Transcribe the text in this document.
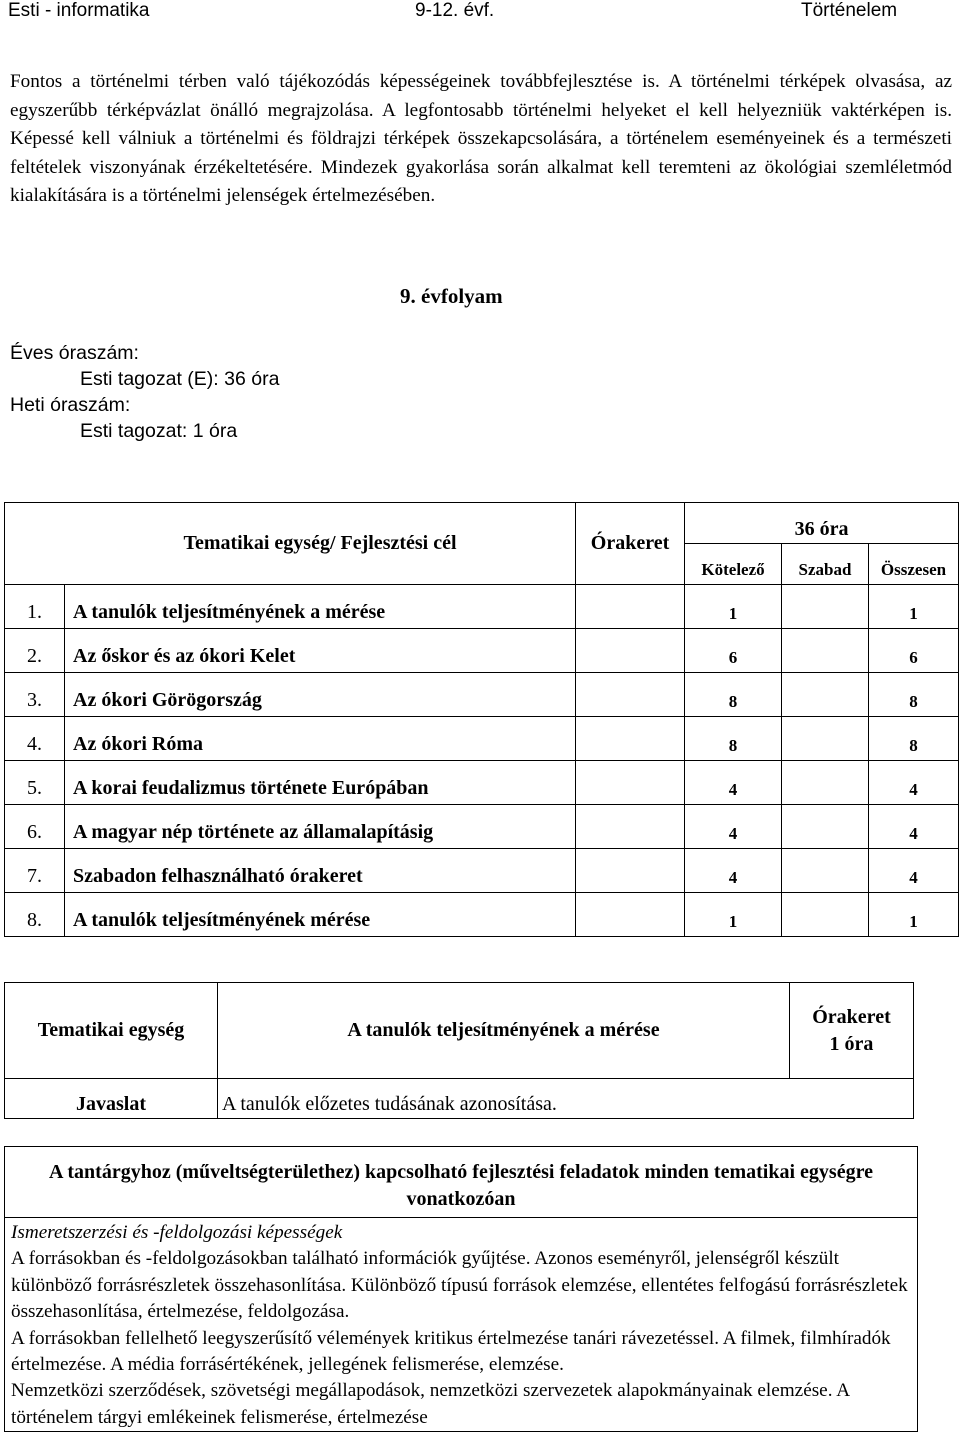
Esti - informatika	9-12. évf.	Történelem
Fontos a történelmi térben való tájékozódás képességeinek továbbfejlesztése is. A történelmi térképek olvasása, az egyszerűbb térképvázlat önálló megrajzolása. A legfontosabb történelmi helyeket el kell helyezniük vaktérképen is. Képessé kell válniuk a történelmi és földrajzi térképek összekapcsolására, a történelem eseményeinek és a természeti feltételek viszonyának érzékeltetésére. Mindezek gyakorlása során alkalmat kell teremteni az ökológiai szemléletmód kialakítására is a történelmi jelenségek értelmezésében.
9. évfolyam
Éves óraszám:
Esti tagozat (E): 36 óra
Heti óraszám:
Esti tagozat: 1 óra
Tematikai egység/ Fejlesztési cél		Órakeret	36 óra		
			Kötelező	Szabad	Összesen
1.	A tanulók teljesítményének a mérése		1		1
2.	Az őskor és az ókori Kelet		6		6
3.	Az ókori Görögország		8		8
4.	Az ókori Róma		8		8
5.	A korai feudalizmus története Európában		4		4
6.	A magyar nép története az államalapításig		4		4
7.	Szabadon felhasználható órakeret		4		4
8.	A tanulók teljesítményének mérése		1		1
Tematikai egység	A tanulók teljesítményének a mérése	Órakeret
1 óra

Javaslat	A tanulók előzetes tudásának azonosítása.	
A tantárgyhoz (műveltségterülethez) kapcsolható fejlesztési feladatok minden tematikai egységre vonatkozóan

Ismeretszerzési és -feldolgozási képességek

A forrásokban és -feldolgozásokban található információk gyűjtése. Azonos eseményről, jelenségről készült különböző forrásrészletek összehasonlítása. Különböző típusú források elemzése, ellentétes felfogású forrásrészletek összehasonlítása, értelmezése, feldolgozása.

A forrásokban fellelhető leegyszerűsítő vélemények kritikus értelmezése tanári rávezetéssel. A filmek, filmhíradók értelmezése. A média forrásértékének, jellegének felismerése, elemzése.

Nemzetközi szerződések, szövetségi megállapodások, nemzetközi szervezetek alapokmányainak elemzése. A történelem tárgyi emlékeinek felismerése, értelmezése
